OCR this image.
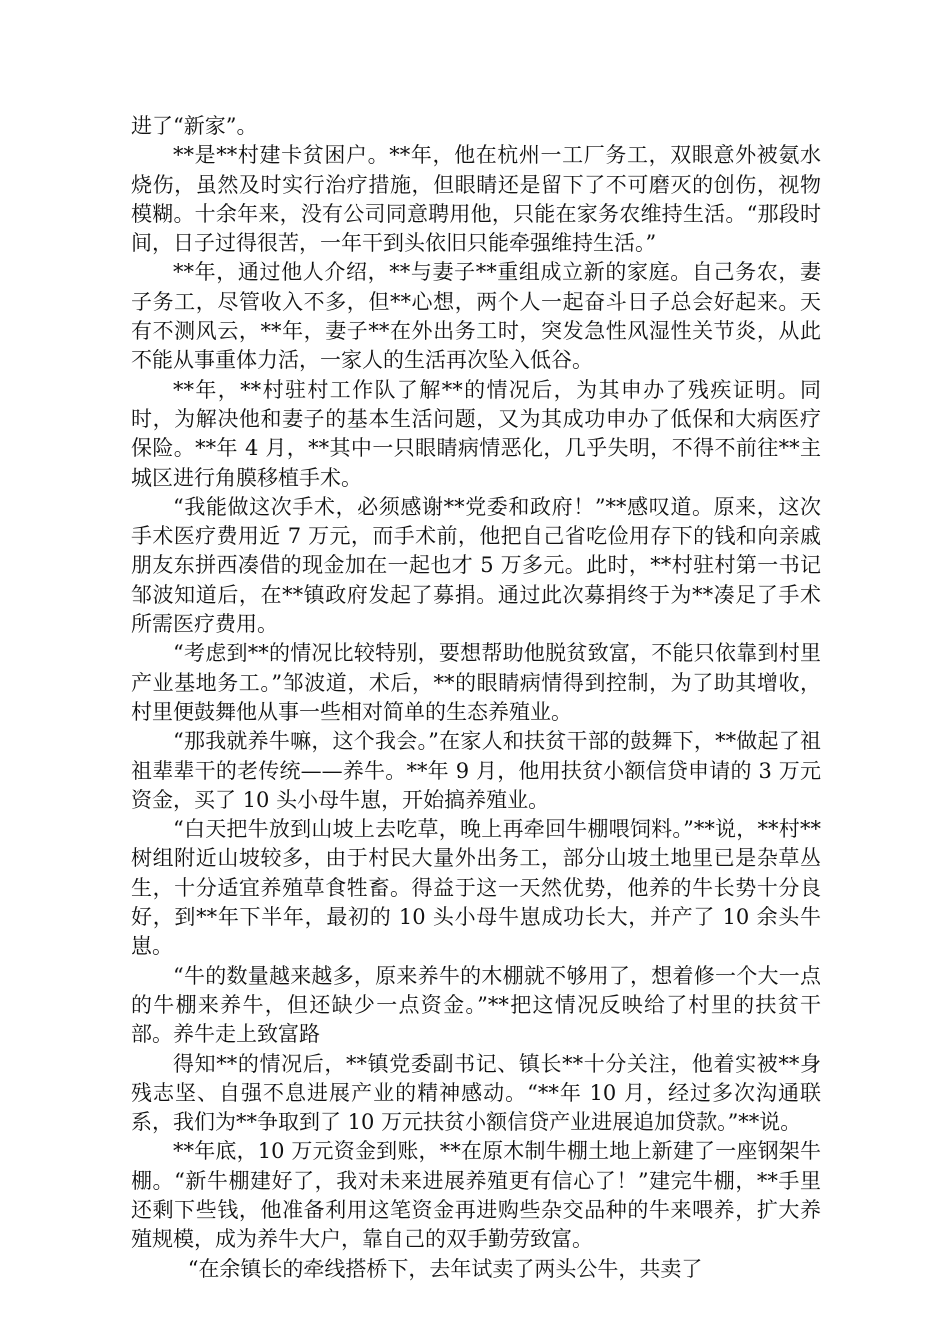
进了“新家”。

**是**村建卡贫困户。**年，他在杭州一工厂务工，双眼意外被氨水烧伤，虽然及时实行治疗措施，但眼睛还是留下了不可磨灭的创伤，视物模糊。十余年来，没有公司同意聘用他，只能在家务农维持生活。“那段时间，日子过得很苦，一年干到头依旧只能牵强维持生活。”

**年，通过他人介绍，**与妻子**重组成立新的家庭。自己务农，妻子务工，尽管收入不多，但**心想，两个人一起奋斗日子总会好起来。天有不测风云，**年，妻子**在外出务工时，突发急性风湿性关节炎，从此不能从事重体力活，一家人的生活再次坠入低谷。

**年，**村驻村工作队了解**的情况后，为其申办了残疾证明。同时，为解决他和妻子的基本生活问题，又为其成功申办了低保和大病医疗保险。**年 4 月，**其中一只眼睛病情恶化，几乎失明，不得不前往**主城区进行角膜移植手术。

“我能做这次手术，必须感谢**党委和政府！”**感叹道。原来，这次手术医疗费用近 7 万元，而手术前，他把自己省吃俭用存下的钱和向亲戚朋友东拼西凑借的现金加在一起也才 5 万多元。此时，**村驻村第一书记邹波知道后，在**镇政府发起了募捐。通过此次募捐终于为**凑足了手术所需医疗费用。

“考虑到**的情况比较特别，要想帮助他脱贫致富，不能只依靠到村里产业基地务工。”邹波道，术后，**的眼睛病情得到控制，为了助其增收，村里便鼓舞他从事一些相对简单的生态养殖业。

“那我就养牛嘛，这个我会。”在家人和扶贫干部的鼓舞下，**做起了祖祖辈辈干的老传统——养牛。**年 9 月，他用扶贫小额信贷申请的 3 万元资金，买了 10 头小母牛崽，开始搞养殖业。

“白天把牛放到山坡上去吃草，晚上再牵回牛棚喂饲料。”**说，**村**树组附近山坡较多，由于村民大量外出务工，部分山坡土地里已是杂草丛生，十分适宜养殖草食牲畜。得益于这一天然优势，他养的牛长势十分良好，到**年下半年，最初的 10 头小母牛崽成功长大，并产了 10 余头牛崽。

“牛的数量越来越多，原来养牛的木棚就不够用了，想着修一个大一点的牛棚来养牛，但还缺少一点资金。”**把这情况反映给了村里的扶贫干部。养牛走上致富路

得知**的情况后，**镇党委副书记、镇长**十分关注，他着实被**身残志坚、自强不息进展产业的精神感动。“**年 10 月，经过多次沟通联系，我们为**争取到了 10 万元扶贫小额信贷产业进展追加贷款。”**说。

**年底，10 万元资金到账，**在原木制牛棚土地上新建了一座钢架牛棚。“新牛棚建好了，我对未来进展养殖更有信心了！”建完牛棚，**手里还剩下些钱，他准备利用这笔资金再进购些杂交品种的牛来喂养，扩大养殖规模，成为养牛大户，靠自己的双手勤劳致富。

“在余镇长的牵线搭桥下，去年试卖了两头公牛，共卖了
